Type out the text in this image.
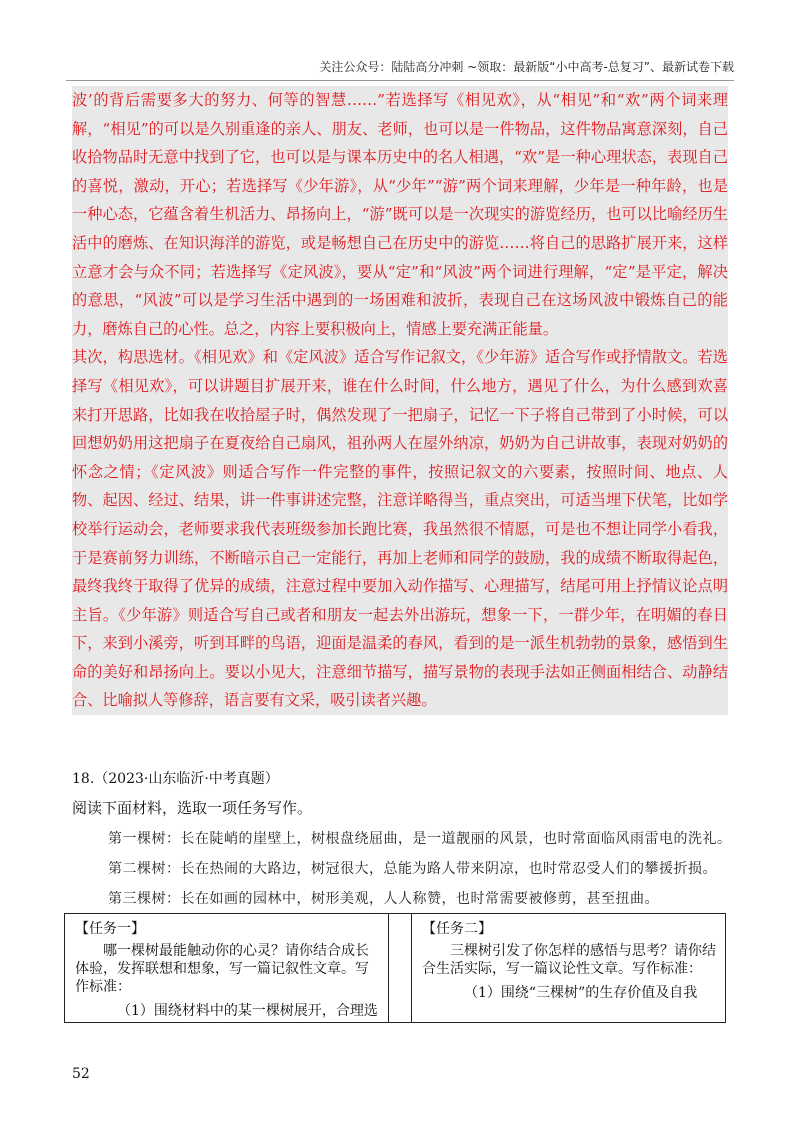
关注公众号：陆陆高分冲刺 ~领取：最新版“小中高考-总复习”、最新试卷下载

波’的背后需要多大的努力、何等的智慧……”若选择写《相见欢》，从“相见”和“欢”两个词来理解，“相见”的可以是久别重逢的亲人、朋友、老师，也可以是一件物品，这件物品寓意深刻，自己收拾物品时无意中找到了它，也可以是与课本历史中的名人相遇，“欢”是一种心理状态，表现自己的喜悦，激动，开心；若选择写《少年游》，从“少年”“游”两个词来理解，少年是一种年龄，也是一种心态，它蕴含着生机活力、昂扬向上，“游”既可以是一次现实的游览经历，也可以比喻经历生活中的磨炼、在知识海洋的游览，或是畅想自己在历史中的游览……将自己的思路扩展开来，这样立意才会与众不同；若选择写《定风波》，要从“定”和“风波”两个词进行理解，“定”是平定，解决的意思，“风波”可以是学习生活中遇到的一场困难和波折，表现自己在这场风波中锻炼自己的能力，磨炼自己的心性。总之，内容上要积极向上，情感上要充满正能量。

其次，构思选材。《相见欢》和《定风波》适合写作记叙文，《少年游》适合写作或抒情散文。若选择写《相见欢》，可以讲题目扩展开来，谁在什么时间，什么地方，遇见了什么，为什么感到欢喜来打开思路，比如我在收拾屋子时，偶然发现了一把扇子，记忆一下子将自己带到了小时候，可以回想奶奶用这把扇子在夏夜给自己扇风，祖孙两人在屋外纳凉，奶奶为自己讲故事，表现对奶奶的怀念之情；《定风波》则适合写作一件完整的事件，按照记叙文的六要素，按照时间、地点、人物、起因、经过、结果，讲一件事讲述完整，注意详略得当，重点突出，可适当埋下伏笔，比如学校举行运动会，老师要求我代表班级参加长跑比赛，我虽然很不情愿，可是也不想让同学小看我，于是赛前努力训练，不断暗示自己一定能行，再加上老师和同学的鼓励，我的成绩不断取得起色，最终我终于取得了优异的成绩，注意过程中要加入动作描写、心理描写，结尾可用上抒情议论点明主旨。《少年游》则适合写自己或者和朋友一起去外出游玩，想象一下，一群少年，在明媚的春日下，来到小溪旁，听到耳畔的鸟语，迎面是温柔的春风，看到的是一派生机勃勃的景象，感悟到生命的美好和昂扬向上。要以小见大，注意细节描写，描写景物的表现手法如正侧面相结合、动静结合、比喻拟人等修辞，语言要有文采，吸引读者兴趣。

18.（2023·山东临沂·中考真题）
阅读下面材料，选取一项任务写作。
第一棵树：长在陡峭的崖壁上，树根盘绕屈曲，是一道靓丽的风景，也时常面临风雨雷电的洗礼。
第二棵树：长在热闹的大路边，树冠很大，总能为路人带来阴凉，也时常忍受人们的攀援折损。
第三棵树：长在如画的园林中，树形美观，人人称赞，也时常需要被修剪，甚至扭曲。
【任务一】
哪一棵树最能触动你的心灵？请你结合成长体验，发挥联想和想象，写一篇记叙性文章。写作标准：
（1）围绕材料中的某一棵树展开，合理选
【任务二】
三棵树引发了你怎样的感悟与思考？请你结合生活实际，写一篇议论性文章。写作标准：
（1）围绕“三棵树”的生存价值及自我
52
